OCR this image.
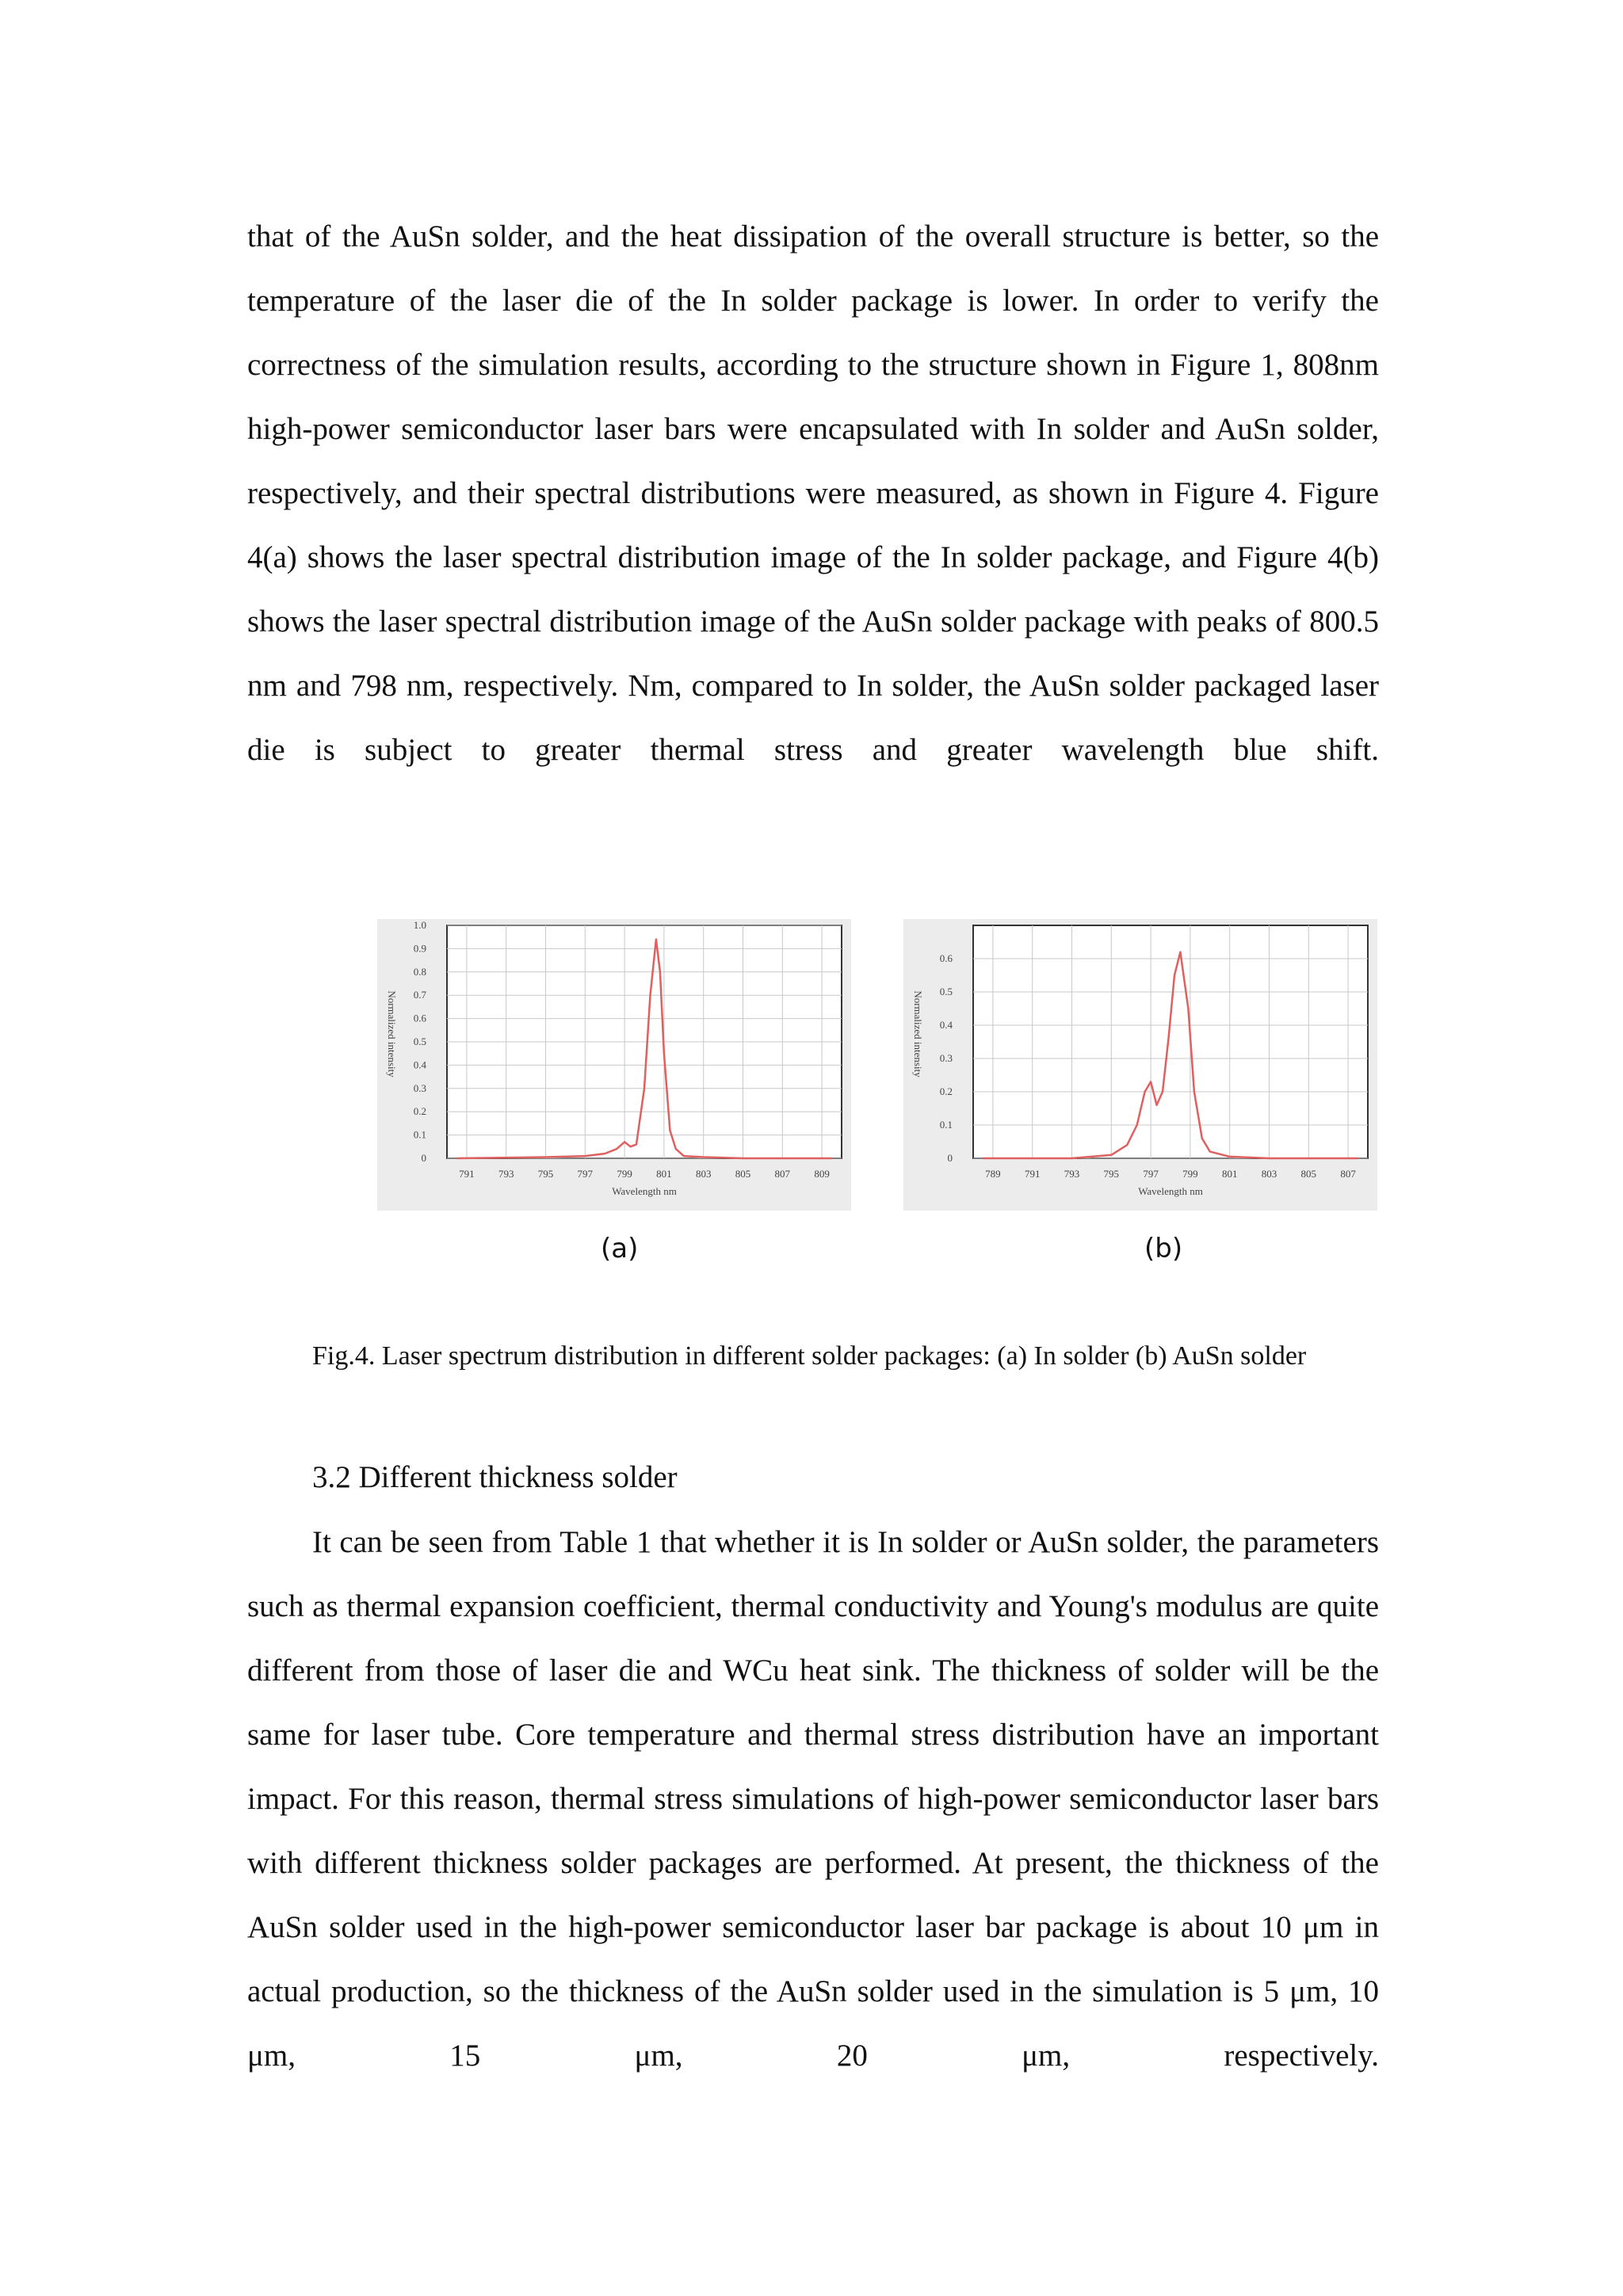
that of the AuSn solder, and the heat dissipation of the overall structure is better, so the temperature of the laser die of the In solder package is lower. In order to verify the correctness of the simulation results, according to the structure shown in Figure 1, 808nm high-power semiconductor laser bars were encapsulated with In solder and AuSn solder, respectively, and their spectral distributions were measured, as shown in Figure 4. Figure 4(a) shows the laser spectral distribution image of the In solder package, and Figure 4(b) shows the laser spectral distribution image of the AuSn solder package with peaks of 800.5 nm and 798 nm, respectively. Nm, compared to In solder, the AuSn solder packaged laser die is subject to greater thermal stress and greater wavelength blue shift.

791 793 795 797 799 801 803 805 807 809
0
0.1
0.2
0.3
0.4
0.5
0.6
0.7
0.8
0.9
1.0
Wavelength nm
Normalized intensity
789 791 793 795 797 799 801 803 805 807
0
0.1
0.2
0.3
0.4
0.5
0.6
Wavelength nm
Normalized intensity
(a)	(b)

Fig.4. Laser spectrum distribution in different solder packages: (a) In solder (b) AuSn solder

3.2 Different thickness solder

It can be seen from Table 1 that whether it is In solder or AuSn solder, the parameters such as thermal expansion coefficient, thermal conductivity and Young's modulus are quite different from those of laser die and WCu heat sink. The thickness of solder will be the same for laser tube. Core temperature and thermal stress distribution have an important impact. For this reason, thermal stress simulations of high-power semiconductor laser bars with different thickness solder packages are performed. At present, the thickness of the AuSn solder used in the high-power semiconductor laser bar package is about 10 μm in actual production, so the thickness of the AuSn solder used in the simulation is 5 μm, 10 μm, 15 μm, 20 μm, respectively.
